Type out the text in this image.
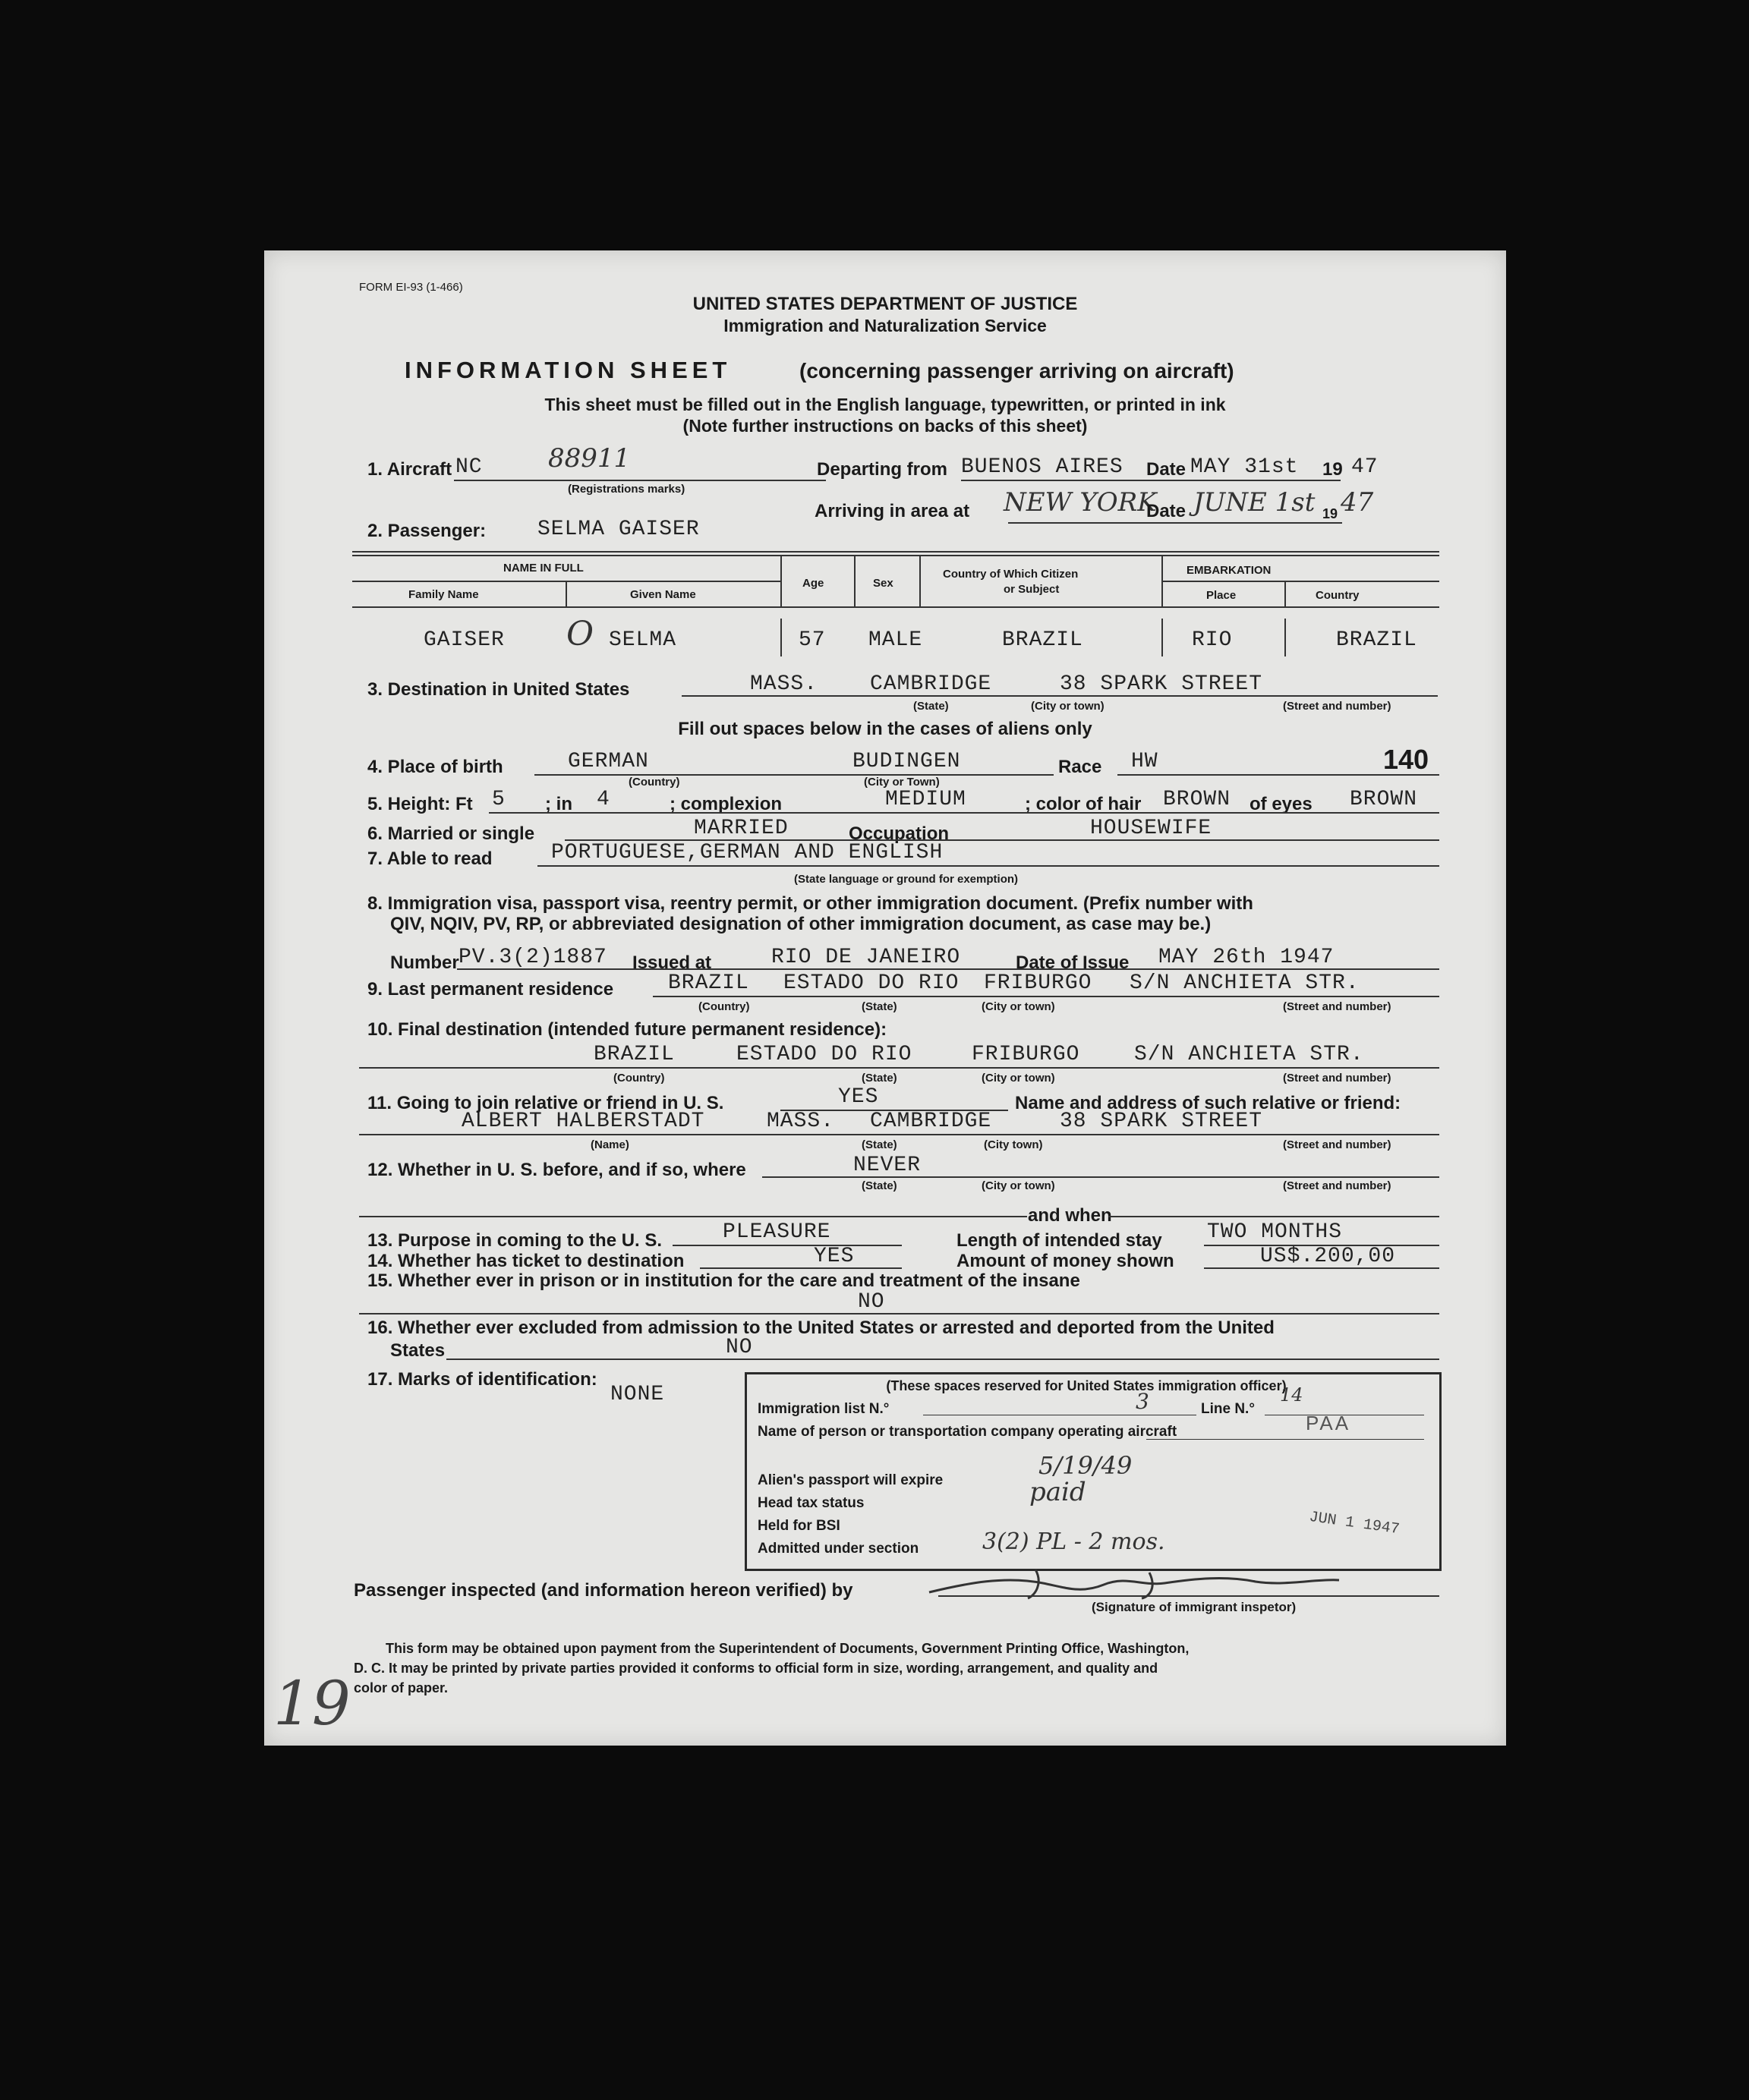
FORM EI-93 (1-466)
UNITED STATES DEPARTMENT OF JUSTICE
Immigration and Naturalization Service
INFORMATION SHEET	(concerning passenger arriving on aircraft)
This sheet must be filled out in the English language, typewritten, or printed in ink
(Note further instructions on backs of this sheet)
1. Aircraft NC	88911
(Registrations marks)
Departing from BUENOS AIRES Date MAY 31st 19 47
Arriving in area at NEW YORK
Date JUNE 1st 19 47
2. Passenger: SELMA GAISER
NAME IN FULL
Family Name	Given Name
Age	Sex
Country of Which Citizen
or Subject
EMBARKATION
Place	Country
GAISER O SELMA	57 MALE	BRAZIL	RIO	BRAZIL
3. Destination in United States	MASS. CAMBRIDGE	38 SPARK STREET
(State)	(City or town)	(Street and number)
Fill out spaces below in the cases of aliens only
4. Place of birth	GERMAN	BUDINGEN
(Country)	(City or Town)
Race HW	140
5. Height: Ft 5 ; in 4	; complexion	MEDIUM	; color of hair BROWN of eyes BROWN
6. Married or single	MARRIED	Occupation	HOUSEWIFE
7. Able to read	PORTUGUESE,GERMAN AND ENGLISH
(State language or ground for exemption)
8. Immigration visa, passport visa, reentry permit, or other immigration document. (Prefix number with
QIV, NQIV, PV, RP, or abbreviated designation of other immigration document, as case may be.)
Number PV.3(2)1887 Issued at	RIO DE JANEIRO	Date of Issue MAY 26th 1947
9. Last permanent residence	BRAZIL ESTADO DO RIO FRIBURGO S/N ANCHIETA STR.
(Country)	(State)	(City or town)	(Street and number)
10. Final destination (intended future permanent residence):
BRAZIL	ESTADO DO RIO	FRIBURGO	S/N ANCHIETA STR.
(Country)	(State)	(City or town)	(Street and number)
11. Going to join relative or friend in U. S.	YES	Name and address of such relative or friend:
ALBERT HALBERSTADT	MASS. CAMBRIDGE	38 SPARK STREET
(Name)	(State)	(City town)	(Street and number)
12. Whether in U. S. before, and if so, where	NEVER
(State)	(City or town)	(Street and number)
and when
13. Purpose in coming to the U. S.	PLEASURE	Length of intended stay TWO MONTHS
14. Whether has ticket to destination	YES	Amount of money shown	US$.200,00
15. Whether ever in prison or in institution for the care and treatment of the insane
NO
16. Whether ever excluded from admission to the United States or arrested and deported from the United
States	NO
17. Marks of identification:
NONE	(These spaces reserved for United States immigration officer)
Immigration list N.°	3	Line N.°
14
Name of person or transportation company operating aircraft	PAA
Alien's passport will expire
5/19/49
Head tax status	paid
Held for BSI
Admitted under section	3(2) PL - 2 mos.
JUN 1 1947
Passenger inspected (and information hereon verified) by
(Signature of immigrant inspetor)
This form may be obtained upon payment from the Superintendent of Documents, Government Printing Office, Washington,
D. C. It may be printed by private parties provided it conforms to official form in size, wording, arrangement, and quality and
color of paper.
19
